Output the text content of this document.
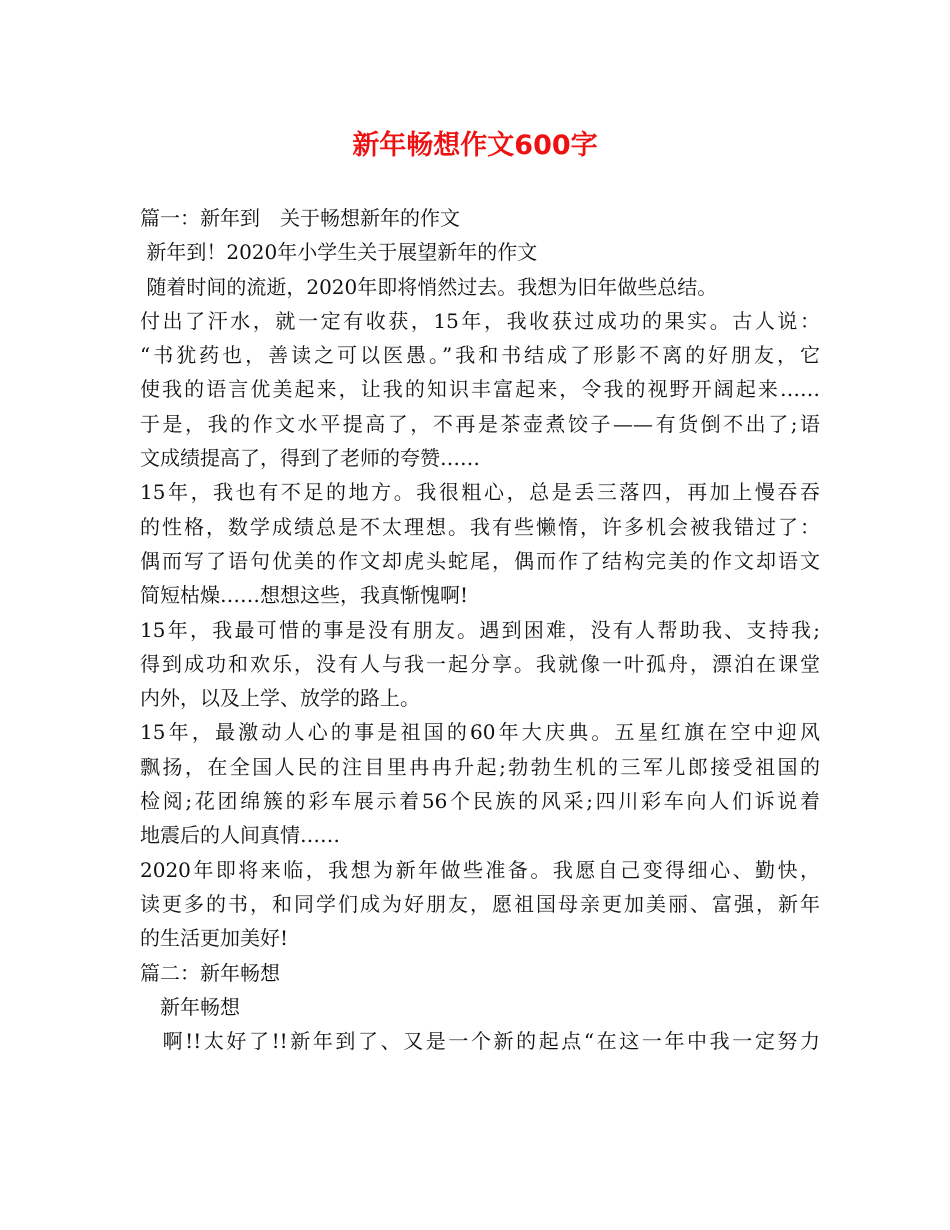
新年畅想作文600字
篇一：新年到　关于畅想新年的作文
新年到！2020年小学生关于展望新年的作文
随着时间的流逝，2020年即将悄然过去。我想为旧年做些总结。
付出了汗水，就一定有收获，15年，我收获过成功的果实。古人说：
“书犹药也，善读之可以医愚。”我和书结成了形影不离的好朋友，它
使我的语言优美起来，让我的知识丰富起来，令我的视野开阔起来……
于是，我的作文水平提高了，不再是茶壶煮饺子——有货倒不出了;语
文成绩提高了，得到了老师的夸赞……
15年，我也有不足的地方。我很粗心，总是丢三落四，再加上慢吞吞
的性格，数学成绩总是不太理想。我有些懒惰，许多机会被我错过了：
偶而写了语句优美的作文却虎头蛇尾，偶而作了结构完美的作文却语文
简短枯燥……想想这些，我真惭愧啊!
15年，我最可惜的事是没有朋友。遇到困难，没有人帮助我、支持我;
得到成功和欢乐，没有人与我一起分享。我就像一叶孤舟，漂泊在课堂
内外，以及上学、放学的路上。
15年，最激动人心的事是祖国的60年大庆典。五星红旗在空中迎风
飘扬，在全国人民的注目里冉冉升起;勃勃生机的三军儿郎接受祖国的
检阅;花团绵簇的彩车展示着56个民族的风采;四川彩车向人们诉说着
地震后的人间真情……
2020年即将来临，我想为新年做些准备。我愿自己变得细心、勤快，
读更多的书，和同学们成为好朋友，愿祖国母亲更加美丽、富强，新年
的生活更加美好!
篇二：新年畅想
　新年畅想
　啊!!太好了!!新年到了、又是一个新的起点“在这一年中我一定努力
